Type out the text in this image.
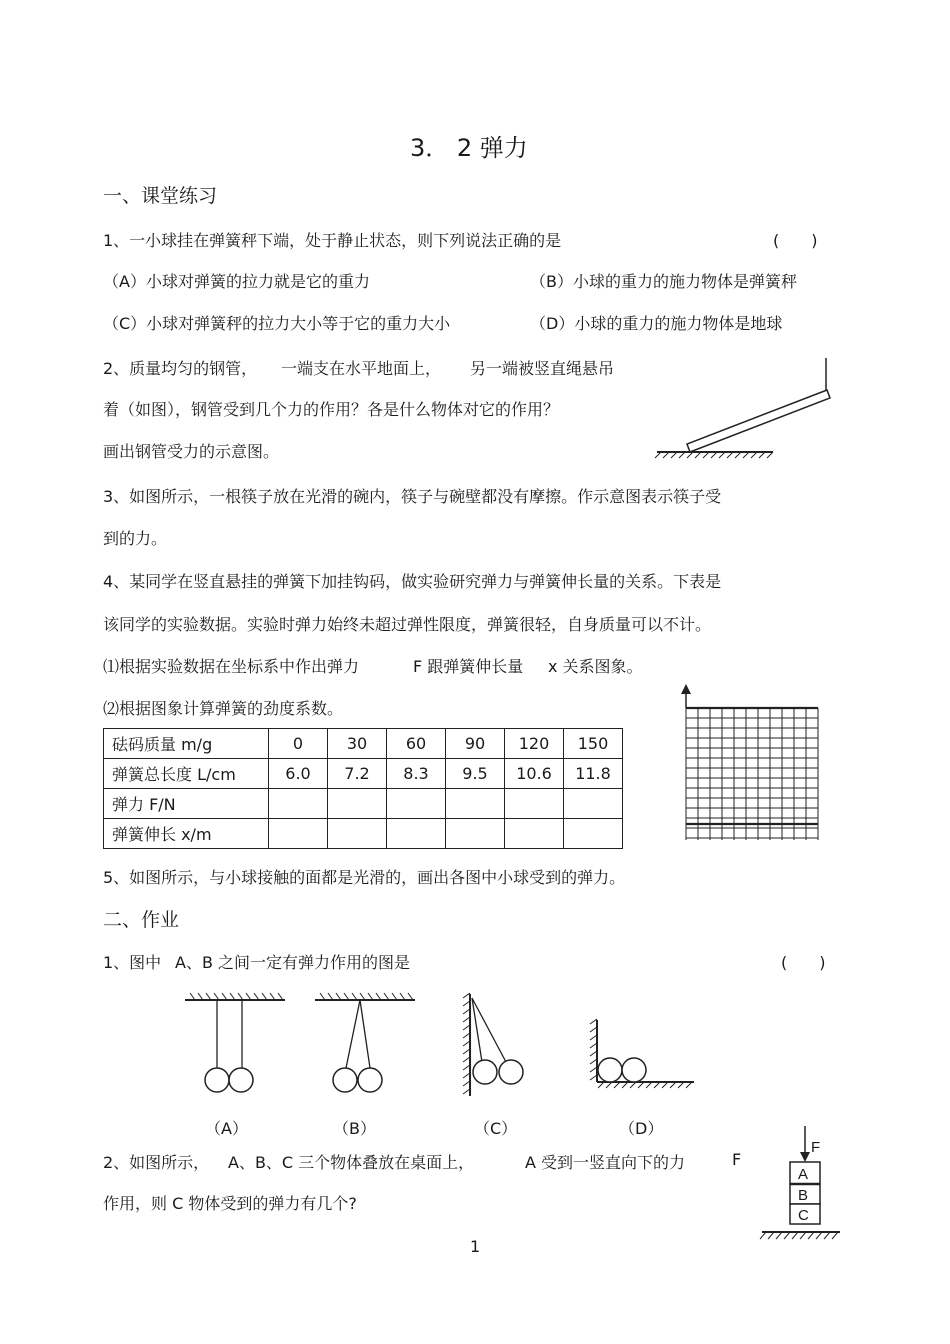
3． 2 弹力
一、课堂练习
1、一小球挂在弹簧秤下端，处于静止状态，则下列说法正确的是	(　　)
（A）小球对弹簧的拉力就是它的重力	（B）小球的重力的施力物体是弹簧秤
（C）小球对弹簧秤的拉力大小等于它的重力大小	（D）小球的重力的施力物体是地球
2、质量均匀的钢管， 一端支在水平地面上， 另一端被竖直绳悬吊
着（如图），钢管受到几个力的作用？各是什么物体对它的作用？
画出钢管受力的示意图。
3、如图所示，一根筷子放在光滑的碗内，筷子与碗壁都没有摩擦。作示意图表示筷子受
到的力。
4、某同学在竖直悬挂的弹簧下加挂钩码，做实验研究弹力与弹簧伸长量的关系。下表是
该同学的实验数据。实验时弹力始终未超过弹性限度，弹簧很轻，自身质量可以不计。
⑴根据实验数据在坐标系中作出弹力	F 跟弹簧伸长量 x 关系图象。
⑵根据图象计算弹簧的劲度系数。
砝码质量 m/g	0	30	60	90	120	150
弹簧总长度 L/cm	6.0	7.2	8.3	9.5	10.6	11.8
弹力 F/N						
弹簧伸长 x/m						
5、如图所示，与小球接触的面都是光滑的，画出各图中小球受到的弹力。
二、作业
1、图中 A、B 之间一定有弹力作用的图是	(　　)
（A）	（B）	（C）	（D）
2、如图所示， A、B、C 三个物体叠放在桌面上，	A 受到一竖直向下的力	F
作用，则 C 物体受到的弹力有几个?
F
A
B
C
1
